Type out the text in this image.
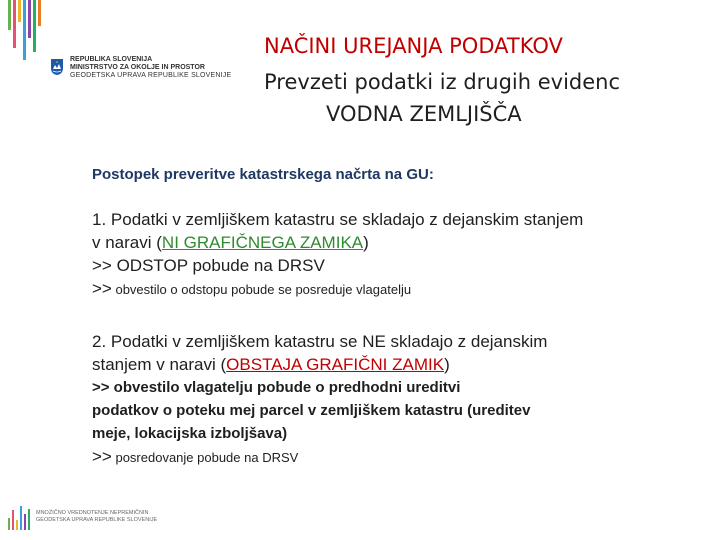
REPUBLIKA SLOVENIJA
MINISTRSTVO ZA OKOLJE IN PROSTOR
GEODETSKA UPRAVA REPUBLIKE SLOVENIJE
NAČINI UREJANJA PODATKOV
Prevzeti podatki iz drugih evidenc
VODNA ZEMLJIŠČA
Postopek preveritve katastrskega načrta na GU:
1. Podatki v zemljiškem katastru se skladajo z dejanskim stanjem
v naravi (NI GRAFIČNEGA ZAMIKA)
>> ODSTOP pobude na DRSV
>> obvestilo o odstopu pobude se posreduje vlagatelju
2. Podatki v zemljiškem katastru se NE skladajo z dejanskim
stanjem v naravi (OBSTAJA GRAFIČNI ZAMIK)
>> obvestilo vlagatelju pobude o predhodni ureditvi
podatkov o poteku mej parcel v zemljiškem katastru (ureditev
meje, lokacijska izboljšava)
>> posredovanje pobude na DRSV
MNOŽIČNO VREDNOTENJE NEPREMIČNIN
GEODETSKA UPRAVA REPUBLIKE SLOVENIJE
